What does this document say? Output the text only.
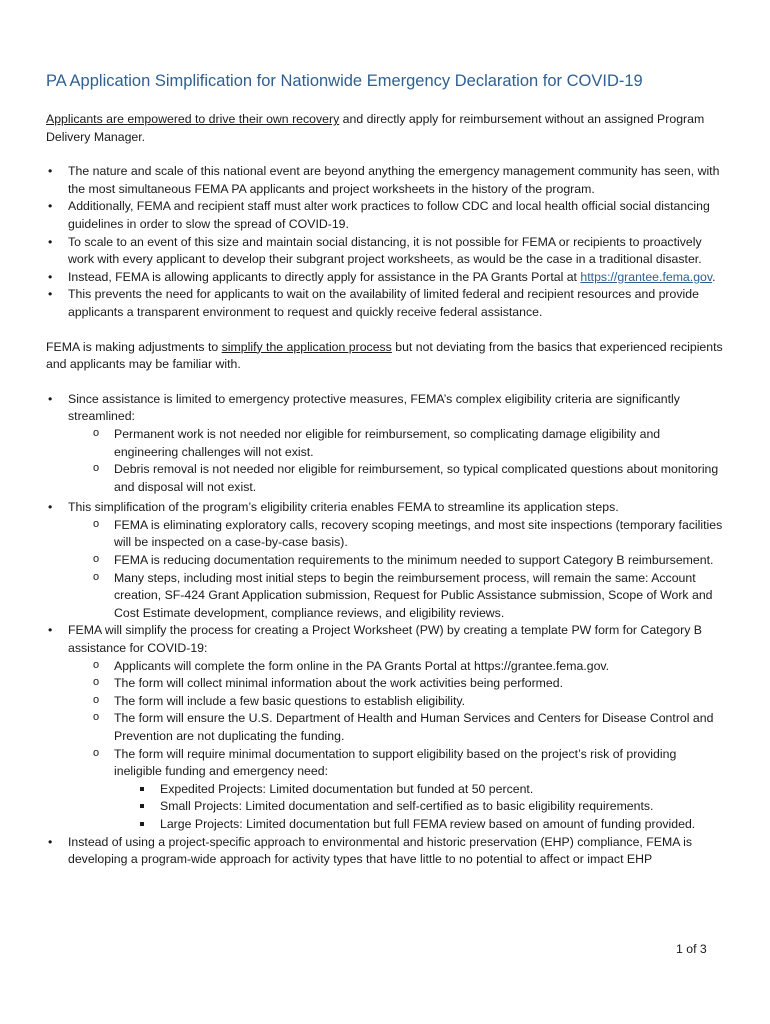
PA Application Simplification for Nationwide Emergency Declaration for COVID-19

Applicants are empowered to drive their own recovery and directly apply for reimbursement without an assigned Program Delivery Manager.

• The nature and scale of this national event are beyond anything the emergency management community has seen, with the most simultaneous FEMA PA applicants and project worksheets in the history of the program.
• Additionally, FEMA and recipient staff must alter work practices to follow CDC and local health official social distancing guidelines in order to slow the spread of COVID-19.
• To scale to an event of this size and maintain social distancing, it is not possible for FEMA or recipients to proactively work with every applicant to develop their subgrant project worksheets, as would be the case in a traditional disaster.
• Instead, FEMA is allowing applicants to directly apply for assistance in the PA Grants Portal at https://grantee.fema.gov.
• This prevents the need for applicants to wait on the availability of limited federal and recipient resources and provide applicants a transparent environment to request and quickly receive federal assistance.

FEMA is making adjustments to simplify the application process but not deviating from the basics that experienced recipients and applicants may be familiar with.

• Since assistance is limited to emergency protective measures, FEMA’s complex eligibility criteria are significantly streamlined:
o Permanent work is not needed nor eligible for reimbursement, so complicating damage eligibility and engineering challenges will not exist.
o Debris removal is not needed nor eligible for reimbursement, so typical complicated questions about monitoring and disposal will not exist.
• This simplification of the program’s eligibility criteria enables FEMA to streamline its application steps.
o FEMA is eliminating exploratory calls, recovery scoping meetings, and most site inspections (temporary facilities will be inspected on a case-by-case basis).
o FEMA is reducing documentation requirements to the minimum needed to support Category B reimbursement.
o Many steps, including most initial steps to begin the reimbursement process, will remain the same: Account creation, SF-424 Grant Application submission, Request for Public Assistance submission, Scope of Work and Cost Estimate development, compliance reviews, and eligibility reviews.
• FEMA will simplify the process for creating a Project Worksheet (PW) by creating a template PW form for Category B assistance for COVID-19:
o Applicants will complete the form online in the PA Grants Portal at https://grantee.fema.gov.
o The form will collect minimal information about the work activities being performed.
o The form will include a few basic questions to establish eligibility.
o The form will ensure the U.S. Department of Health and Human Services and Centers for Disease Control and Prevention are not duplicating the funding.
o The form will require minimal documentation to support eligibility based on the project’s risk of providing ineligible funding and emergency need:
Expedited Projects: Limited documentation but funded at 50 percent.
Small Projects: Limited documentation and self-certified as to basic eligibility requirements.
Large Projects: Limited documentation but full FEMA review based on amount of funding provided.
• Instead of using a project-specific approach to environmental and historic preservation (EHP) compliance, FEMA is developing a program-wide approach for activity types that have little to no potential to affect or impact EHP
1 of 3
